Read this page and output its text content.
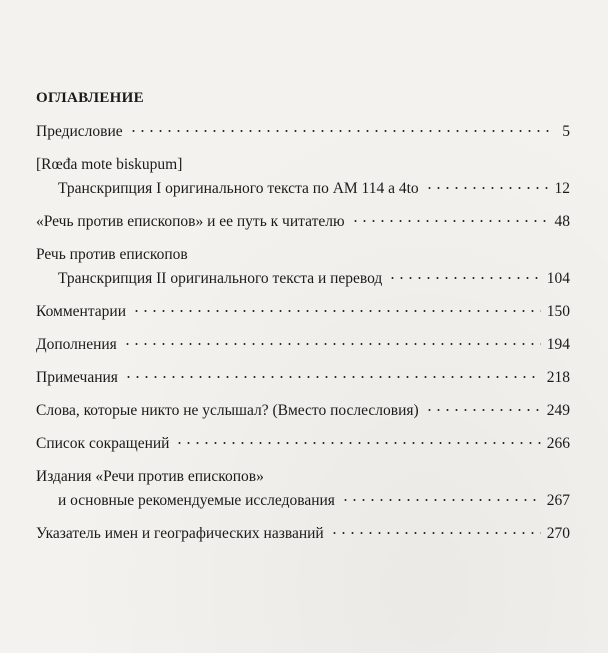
ОГЛАВЛЕНИЕ
Предисловие	5
[Rœđa mote biskupum]
Транскрипция I оригинального текста по AM 114 a 4to	12
«Речь против епископов» и ее путь к читателю	48
Речь против епископов
Транскрипция II оригинального текста и перевод	104
Комментарии	150
Дополнения	194
Примечания	218
Слова, которые никто не услышал? (Вместо послесловия)	249
Список сокращений	266
Издания «Речи против епископов»
и основные рекомендуемые исследования	267
Указатель имен и географических названий	270
